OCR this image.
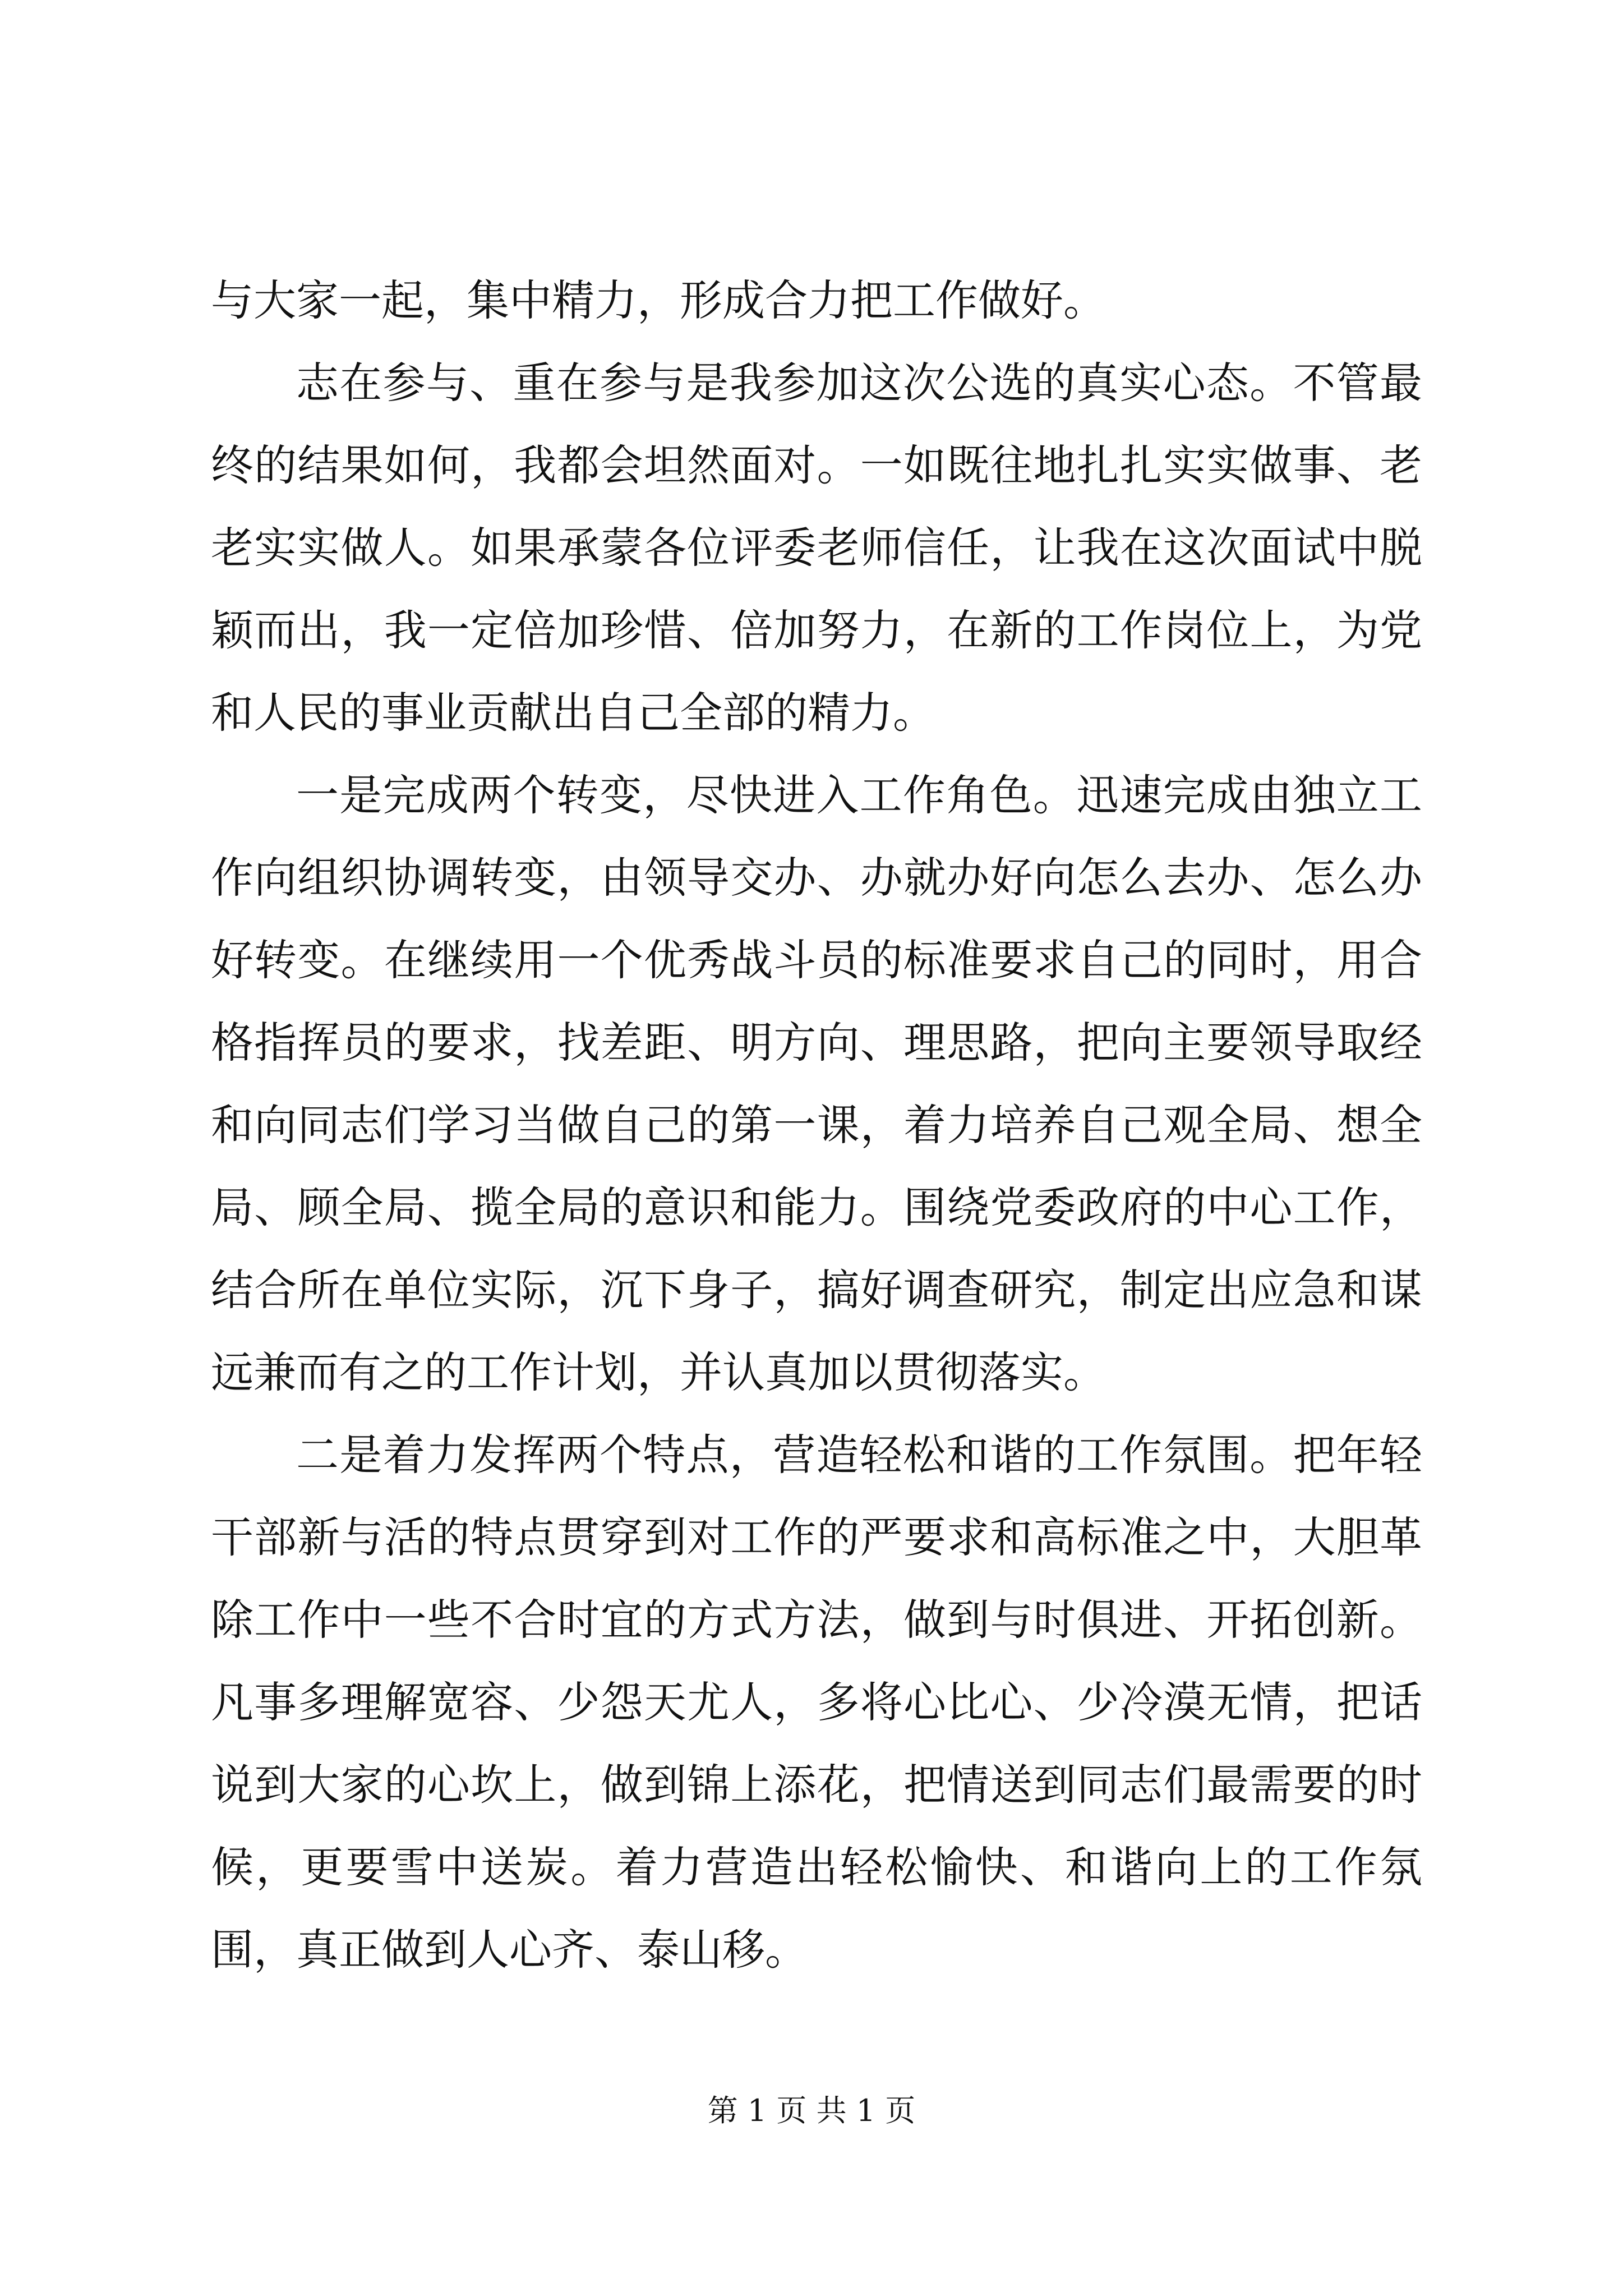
与大家一起，集中精力，形成合力把工作做好。

志在参与、重在参与是我参加这次公选的真实心态。不管最终的结果如何，我都会坦然面对。一如既往地扎扎实实做事、老老实实做人。如果承蒙各位评委老师信任，让我在这次面试中脱颖而出，我一定倍加珍惜、倍加努力，在新的工作岗位上，为党和人民的事业贡献出自己全部的精力。

一是完成两个转变，尽快进入工作角色。迅速完成由独立工作向组织协调转变，由领导交办、办就办好向怎么去办、怎么办好转变。在继续用一个优秀战斗员的标准要求自己的同时，用合格指挥员的要求，找差距、明方向、理思路，把向主要领导取经和向同志们学习当做自己的第一课，着力培养自己观全局、想全局、顾全局、揽全局的意识和能力。围绕党委政府的中心工作，结合所在单位实际，沉下身子，搞好调查研究，制定出应急和谋远兼而有之的工作计划，并认真加以贯彻落实。

二是着力发挥两个特点，营造轻松和谐的工作氛围。把年轻干部新与活的特点贯穿到对工作的严要求和高标准之中，大胆革除工作中一些不合时宜的方式方法，做到与时俱进、开拓创新。凡事多理解宽容、少怨天尤人，多将心比心、少冷漠无情，把话说到大家的心坎上，做到锦上添花，把情送到同志们最需要的时候，更要雪中送炭。着力营造出轻松愉快、和谐向上的工作氛围，真正做到人心齐、泰山移。

第 1 页 共 1 页
